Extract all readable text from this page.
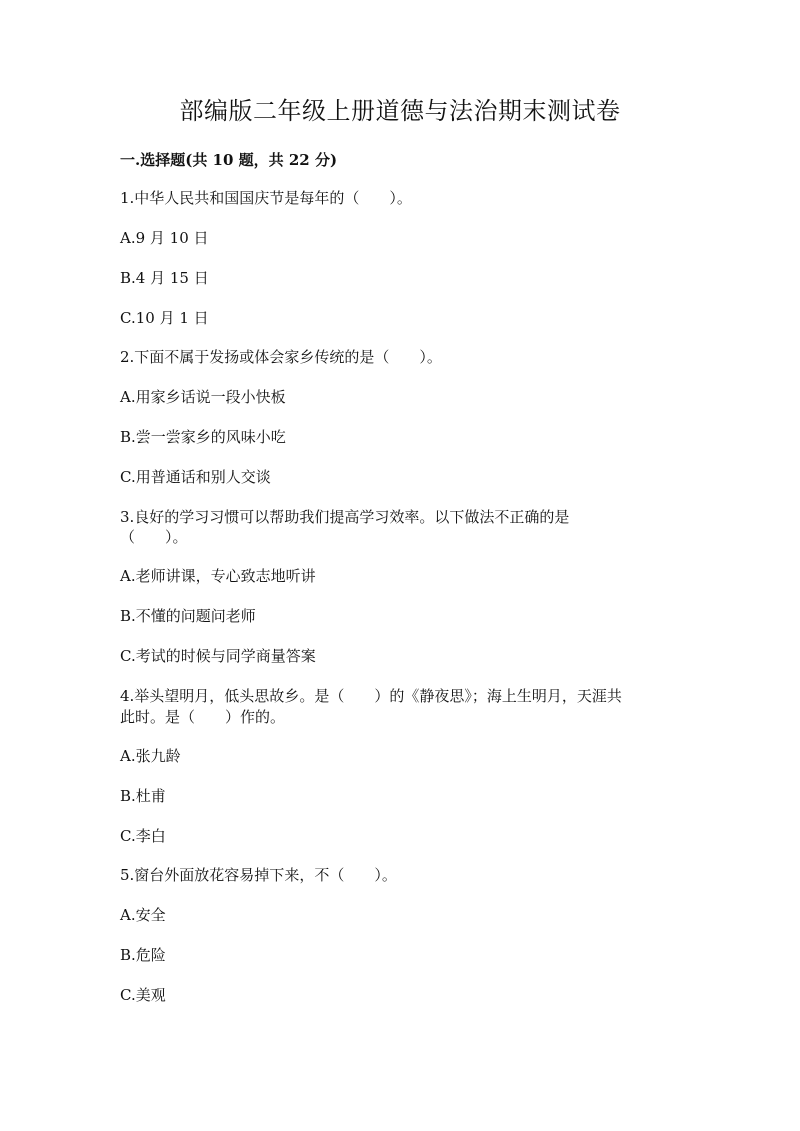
部编版二年级上册道德与法治期末测试卷
一.选择题(共 10 题，共 22 分)
1.中华人民共和国国庆节是每年的（　　）。
A.9 月 10 日
B.4 月 15 日
C.10 月 1 日
2.下面不属于发扬或体会家乡传统的是（　　）。
A.用家乡话说一段小快板
B.尝一尝家乡的风味小吃
C.用普通话和别人交谈
3.良好的学习习惯可以帮助我们提高学习效率。以下做法不正确的是
（　　）。
A.老师讲课，专心致志地听讲
B.不懂的问题问老师
C.考试的时候与同学商量答案
4.举头望明月，低头思故乡。是（　　）的《静夜思》；海上生明月，天涯共
此时。是（　　）作的。
A.张九龄
B.杜甫
C.李白
5.窗台外面放花容易掉下来，不（　　）。
A.安全
B.危险
C.美观
